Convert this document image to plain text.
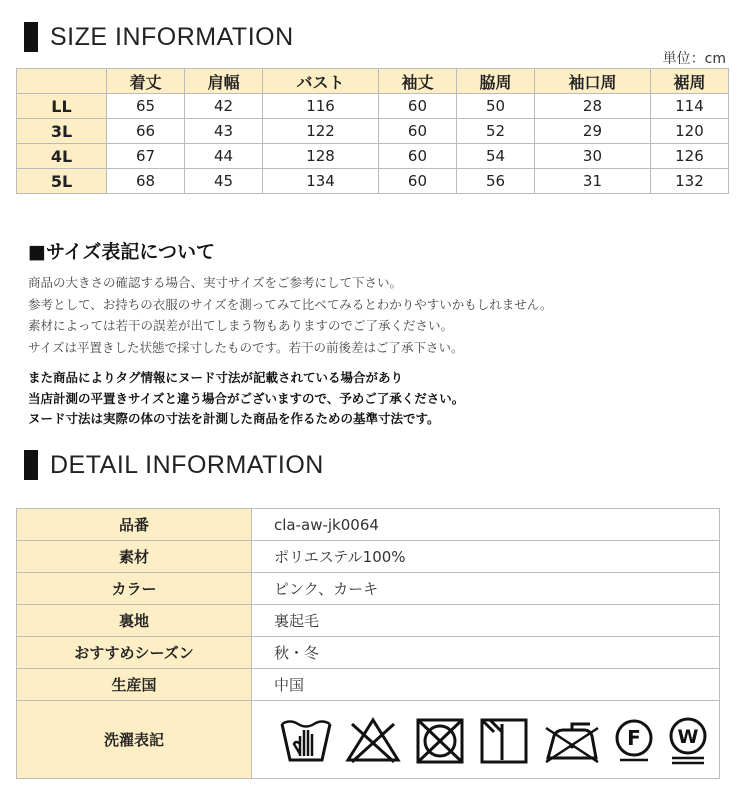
SIZE INFORMATION
単位：cm
	着丈	肩幅	バスト	袖丈	脇周	袖口周	裾周
LL	65	42	116	60	50	28	114
3L	66	43	122	60	52	29	120
4L	67	44	128	60	54	30	126
5L	68	45	134	60	56	31	132
■サイズ表記について
商品の大きさの確認する場合、実寸サイズをご参考にして下さい。
参考として、お持ちの衣服のサイズを測ってみて比べてみるとわかりやすいかもしれません。
素材によっては若干の誤差が出てしまう物もありますのでご了承ください。
サイズは平置きした状態で採寸したものです。若干の前後差はご了承下さい。
また商品によりタグ情報にヌード寸法が記載されている場合があり
当店計測の平置きサイズと違う場合がございますので、予めご了承ください。
ヌード寸法は実際の体の寸法を計測した商品を作るための基準寸法です。
DETAIL INFORMATION
品番	cla-aw-jk0064
素材	ポリエステル100%
カラー	ピンク、カーキ
裏地	裏起毛
おすすめシーズン	秋・冬
生産国	中国
洗濯表記	F W
